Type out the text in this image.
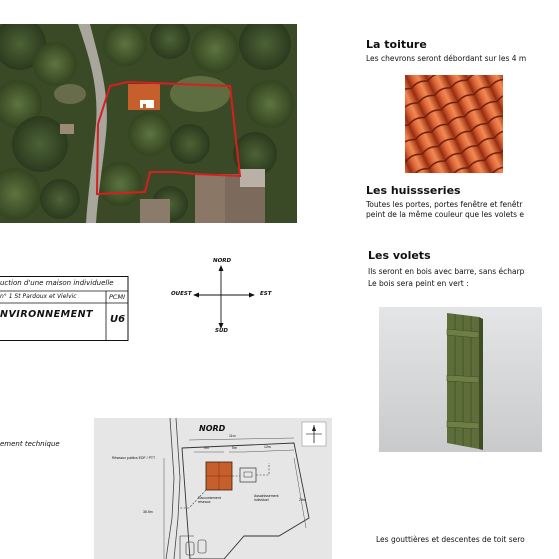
uction d'une maison individuelle
n° 1 St Pardoux et Vielvic	PCMI
NVIRONNEMENT U6
NORD
SUD
OUEST	EST
ement technique
NORD
11m
9m	5m	12m
36.5m
29m
Réseaux publics EDF / PTT
Raccordement réseaux
Assainissement individuel
La toiture
Les chevrons seront débordant sur les 4 m
Les huissseries
Toutes les portes, portes fenêtre et fenêtr
peint de la même couleur que les volets e
Les volets
Ils seront en bois avec barre, sans écharp
Le bois sera peint en vert :
Les gouttières et descentes de toit sero
